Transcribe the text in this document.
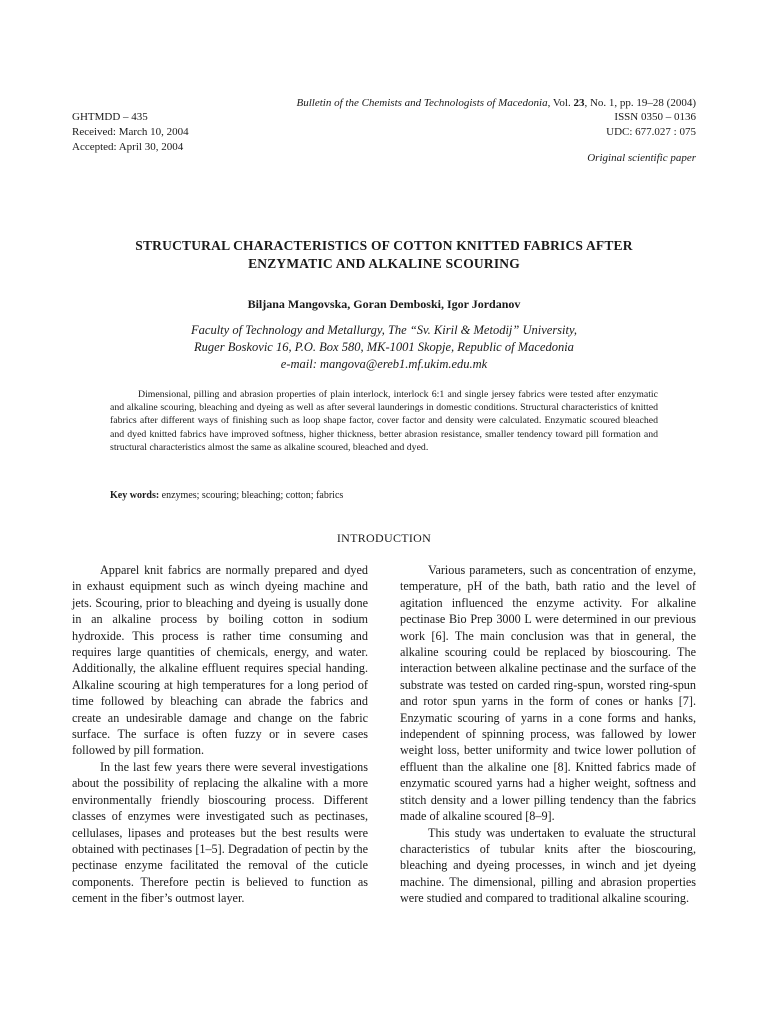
Bulletin of the Chemists and Technologists of Macedonia, Vol. 23, No. 1, pp. 19–28 (2004)
GHTMDD – 435
Received: March 10, 2004
Accepted: April 30, 2004
ISSN 0350 – 0136
UDC: 677.027 : 075
Original scientific paper
STRUCTURAL CHARACTERISTICS OF COTTON KNITTED FABRICS AFTER
ENZYMATIC AND ALKALINE SCOURING
Biljana Mangovska, Goran Demboski, Igor Jordanov
Faculty of Technology and Metallurgy, The “Sv. Kiril & Metodij” University,
Ruger Boskovic 16, P.O. Box 580, MK-1001 Skopje, Republic of Macedonia
e-mail: mangova@ereb1.mf.ukim.edu.mk
Dimensional, pilling and abrasion properties of plain interlock, interlock 6:1 and single jersey fabrics were tested after enzymatic and alkaline scouring, bleaching and dyeing as well as after several launderings in domestic conditions. Structural characteristics of knitted fabrics after different ways of finishing such as loop shape factor, cover factor and density were calculated. Enzymatic scoured bleached and dyed knitted fabrics have improved softness, higher thickness, better abrasion resistance, smaller tendency toward pill formation and structural characteristics almost the same as alkaline scoured, bleached and dyed.
Key words: enzymes; scouring; bleaching; cotton; fabrics
INTRODUCTION

Apparel knit fabrics are normally prepared and dyed in exhaust equipment such as winch dyeing machine and jets. Scouring, prior to bleaching and dyeing is usually done in an alkaline process by boiling cotton in sodium hydroxide. This process is rather time consuming and requires large quantities of chemicals, energy, and water. Additionally, the alkaline effluent requires special handing. Alkaline scouring at high temperatures for a long period of time followed by bleaching can abrade the fabrics and create an undesirable damage and change on the fabric surface. The surface is often fuzzy or in severe cases followed by pill formation.

In the last few years there were several investigations about the possibility of replacing the alkaline with a more environmentally friendly bioscouring process. Different classes of enzymes were investigated such as pectinases, cellulases, lipases and proteases but the best results were obtained with pectinases [1–5]. Degradation of pectin by the pectinase enzyme facilitated the removal of the cuticle components. Therefore pectin is believed to function as cement in the fiber’s outmost layer.

Various parameters, such as concentration of enzyme, temperature, pH of the bath, bath ratio and the level of agitation influenced the enzyme activity. For alkaline pectinase Bio Prep 3000 L were determined in our previous work [6]. The main conclusion was that in general, the alkaline scouring could be replaced by bioscouring. The interaction between alkaline pectinase and the surface of the substrate was tested on carded ring-spun, worsted ring-spun and rotor spun yarns in the form of cones or hanks [7]. Enzymatic scouring of yarns in a cone forms and hanks, independent of spinning process, was fallowed by lower weight loss, better uniformity and twice lower pollution of effluent than the alkaline one [8]. Knitted fabrics made of enzymatic scoured yarns had a higher weight, softness and stitch density and a lower pilling tendency than the fabrics made of alkaline scoured [8–9].

This study was undertaken to evaluate the structural characteristics of tubular knits after the bioscouring, bleaching and dyeing processes, in winch and jet dyeing machine. The dimensional, pilling and abrasion properties were studied and compared to traditional alkaline scouring.
